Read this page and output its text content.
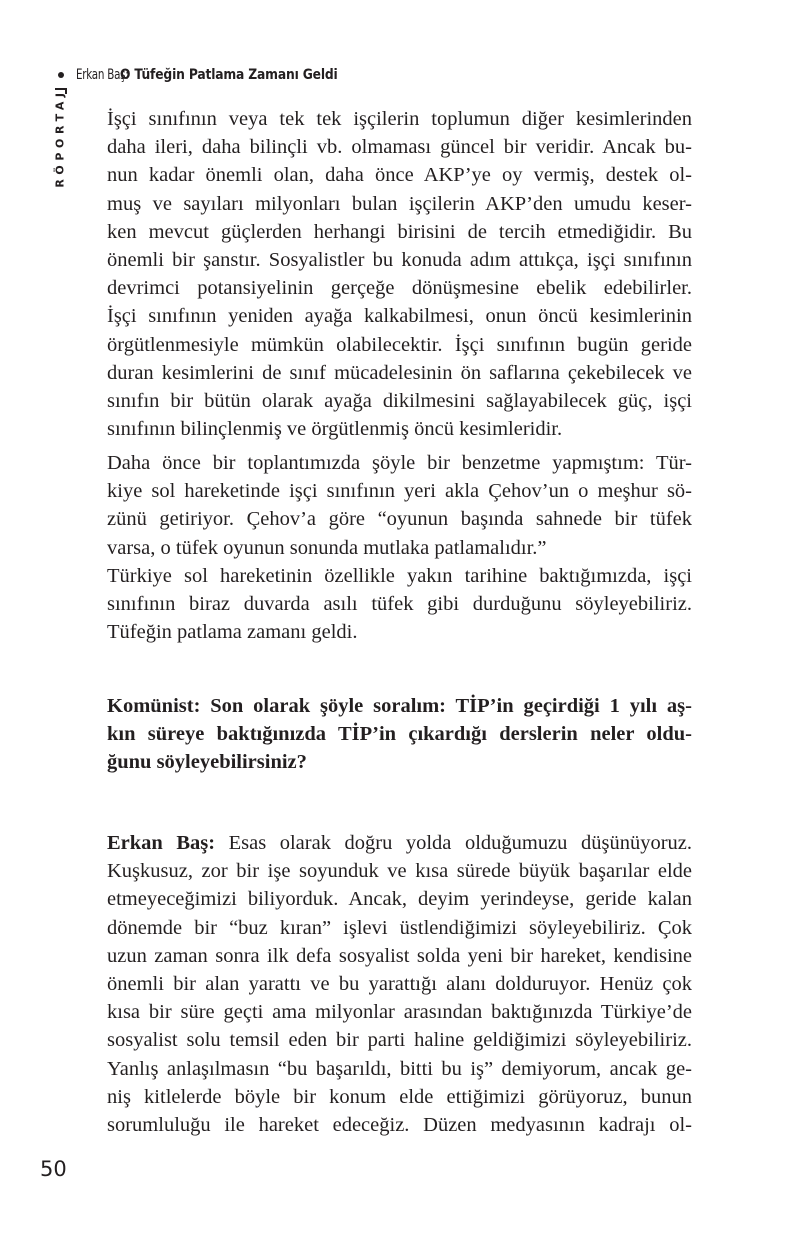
Erkan Baş:
O Tüfeğin Patlama Zamanı Geldi
RÖPORTAJ İşçi sınıfının veya tek tek işçilerin toplumun diğer kesimlerinden
daha ileri, daha bilinçli vb. olmaması güncel bir veridir. Ancak bu-
nun kadar önemli olan, daha önce AKP’ye oy vermiş, destek ol-
muş ve sayıları milyonları bulan işçilerin AKP’den umudu keser-
ken mevcut güçlerden herhangi birisini de tercih etmediğidir. Bu
önemli bir şanstır. Sosyalistler bu konuda adım attıkça, işçi sınıfının
devrimci potansiyelinin gerçeğe dönüşmesine ebelik edebilirler.
İşçi sınıfının yeniden ayağa kalkabilmesi, onun öncü kesimlerinin
örgütlenmesiyle mümkün olabilecektir. İşçi sınıfının bugün geride
duran kesimlerini de sınıf mücadelesinin ön saflarına çekebilecek ve
sınıfın bir bütün olarak ayağa dikilmesini sağlayabilecek güç, işçi
sınıfının bilinçlenmiş ve örgütlenmiş öncü kesimleridir.
Daha önce bir toplantımızda şöyle bir benzetme yapmıştım: Tür-
kiye sol hareketinde işçi sınıfının yeri akla Çehov’un o meşhur sö-
zünü getiriyor. Çehov’a göre “oyunun başında sahnede bir tüfek
varsa, o tüfek oyunun sonunda mutlaka patlamalıdır.”
Türkiye sol hareketinin özellikle yakın tarihine baktığımızda, işçi
sınıfının biraz duvarda asılı tüfek gibi durduğunu söyleyebiliriz.
Tüfeğin patlama zamanı geldi.
Komünist: Son olarak şöyle soralım: TİP’in geçirdiği 1 yılı aş-
kın süreye baktığınızda TİP’in çıkardığı derslerin neler oldu-
ğunu söyleyebilirsiniz?
Erkan Baş: Esas olarak doğru yolda olduğumuzu düşünüyoruz.
Kuşkusuz, zor bir işe soyunduk ve kısa sürede büyük başarılar elde
etmeyeceğimizi biliyorduk. Ancak, deyim yerindeyse, geride kalan
dönemde bir “buz kıran” işlevi üstlendiğimizi söyleyebiliriz. Çok
uzun zaman sonra ilk defa sosyalist solda yeni bir hareket, kendisine
önemli bir alan yarattı ve bu yarattığı alanı dolduruyor. Henüz çok
kısa bir süre geçti ama milyonlar arasından baktığınızda Türkiye’de
sosyalist solu temsil eden bir parti haline geldiğimizi söyleyebiliriz.
Yanlış anlaşılmasın “bu başarıldı, bitti bu iş” demiyorum, ancak ge-
niş kitlelerde böyle bir konum elde ettiğimizi görüyoruz, bunun
sorumluluğu ile hareket edeceğiz. Düzen medyasının kadrajı ol-
50
